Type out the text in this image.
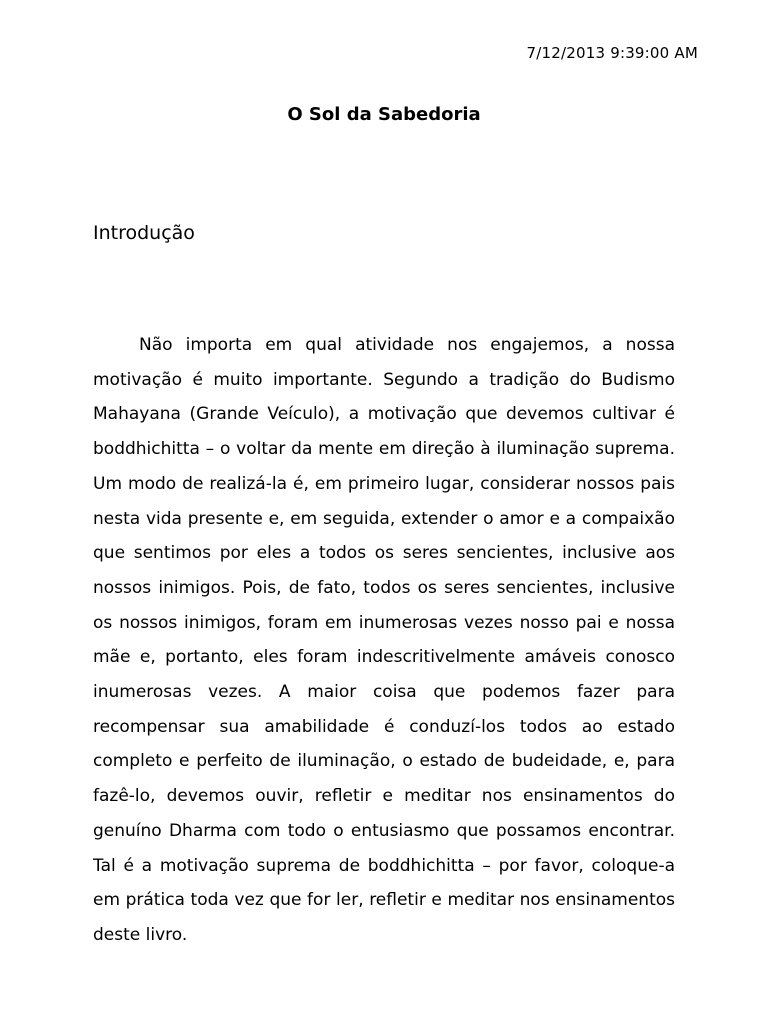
7/12/2013 9:39:00 AM
O Sol da Sabedoria
Introdução

Não importa em qual atividade nos engajemos, a nossa motivação é muito importante. Segundo a tradição do Budismo Mahayana (Grande Veículo), a motivação que devemos cultivar é boddhichitta – o voltar da mente em direção à iluminação suprema. Um modo de realizá-la é, em primeiro lugar, considerar nossos pais nesta vida presente e, em seguida, extender o amor e a compaixão que sentimos por eles a todos os seres sencientes, inclusive aos nossos inimigos. Pois, de fato, todos os seres sencientes, inclusive os nossos inimigos, foram em inumerosas vezes nosso pai e nossa mãe e, portanto, eles foram indescritivelmente amáveis conosco inumerosas vezes. A maior coisa que podemos fazer para recompensar sua amabilidade é conduzí-los todos ao estado completo e perfeito de iluminação, o estado de budeidade, e, para fazê-lo, devemos ouvir, refletir e meditar nos ensinamentos do genuíno Dharma com todo o entusiasmo que possamos encontrar. Tal é a motivação suprema de boddhichitta – por favor, coloque-a em prática toda vez que for ler, refletir e meditar nos ensinamentos deste livro.
